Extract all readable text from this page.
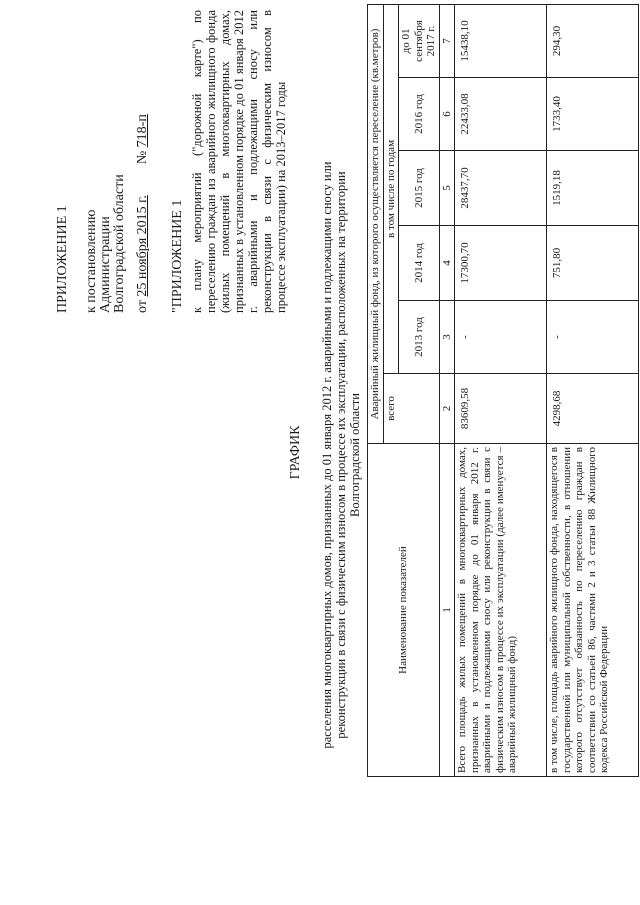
ПРИЛОЖЕНИЕ 1 к постановлению Администрации Волгоградской области от 25 ноября 2015 г.  № 718-п
"ПРИЛОЖЕНИЕ 1 к плану мероприятий ("дорожной карте") по переселению граждан из аварийного жилищного фонда (жилых помещений в многоквартирных домах, признанных в установленном порядке до 01 января 2012 г. аварийными и подлежащими сносу или реконструкции в связи с физическим износом в процессе эксплуатации) на 2013–2017 годы
ГРАФИК расселения многоквартирных домов, признанных до 01 января 2012 г. аварийными и подлежащими сносу или реконструкции в связи с физическим износом в процессе их эксплуатации, расположенных на территории Волгоградской области
Наименование показателей	Аварийный жилищный фонд, из которого осуществляется переселение (кв.метров)					
	всего	в том числе по годам				
		2013 год	2014 год	2015 год	2016 год	до 01 сентября 2017 г.
1	2	3	4	5	6	7
Всего площадь жилых помещений в многоквартирных домах, признанных в установленном порядке до 01 января 2012 г. аварийными и подлежащими сносу или реконструкции в связи с физическим износом в процессе их эксплуатации (далее именуется – аварийный жилищный фонд)	83609,58	-	17300,70	28437,70	22433,08	15438,10
в том числе, площадь аварийного жилищного фонда, находящегося в государственной или муниципальной собственности, в отношении которого отсутствует обязанность по переселению граждан в соответствии со статьей 86, частями 2 и 3 статьи 88 Жилищного кодекса Российской Федерации	4298,68	-	751,80	1519,18	1733,40	294,30
